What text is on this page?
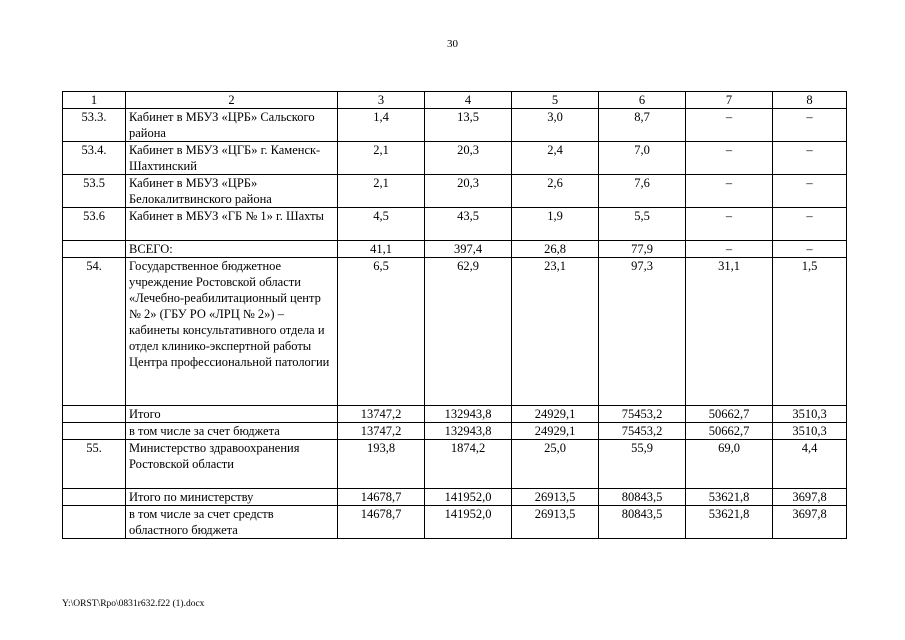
30
1	2	3	4	5	6	7	8
53.3.	Кабинет в МБУЗ «ЦРБ» Сальского района	1,4	13,5	3,0	8,7	–	–
53.4.	Кабинет в МБУЗ «ЦГБ» г. Каменск-Шахтинский	2,1	20,3	2,4	7,0	–	–
53.5	Кабинет в МБУЗ «ЦРБ» Белокалитвинского района	2,1	20,3	2,6	7,6	–	–
53.6	Кабинет в МБУЗ «ГБ № 1» г. Шахты	4,5	43,5	1,9	5,5	–	–
	ВСЕГО:	41,1	397,4	26,8	77,9	–	–
54.	Государственное бюджетное учреждение Ростовской области «Лечебно-реабилитационный центр № 2» (ГБУ РО «ЛРЦ № 2») – кабинеты консультативного отдела и отдел клинико-экспертной работы Центра профессиональной патологии	6,5	62,9	23,1	97,3	31,1	1,5
	Итого	13747,2	132943,8	24929,1	75453,2	50662,7	3510,3
	в том числе за счет бюджета	13747,2	132943,8	24929,1	75453,2	50662,7	3510,3
55.	Министерство здравоохранения Ростовской области	193,8	1874,2	25,0	55,9	69,0	4,4
	Итого по министерству	14678,7	141952,0	26913,5	80843,5	53621,8	3697,8
	в том числе за счет средств областного бюджета	14678,7	141952,0	26913,5	80843,5	53621,8	3697,8
Y:\ORST\Rpo\0831r632.f22 (1).docx
